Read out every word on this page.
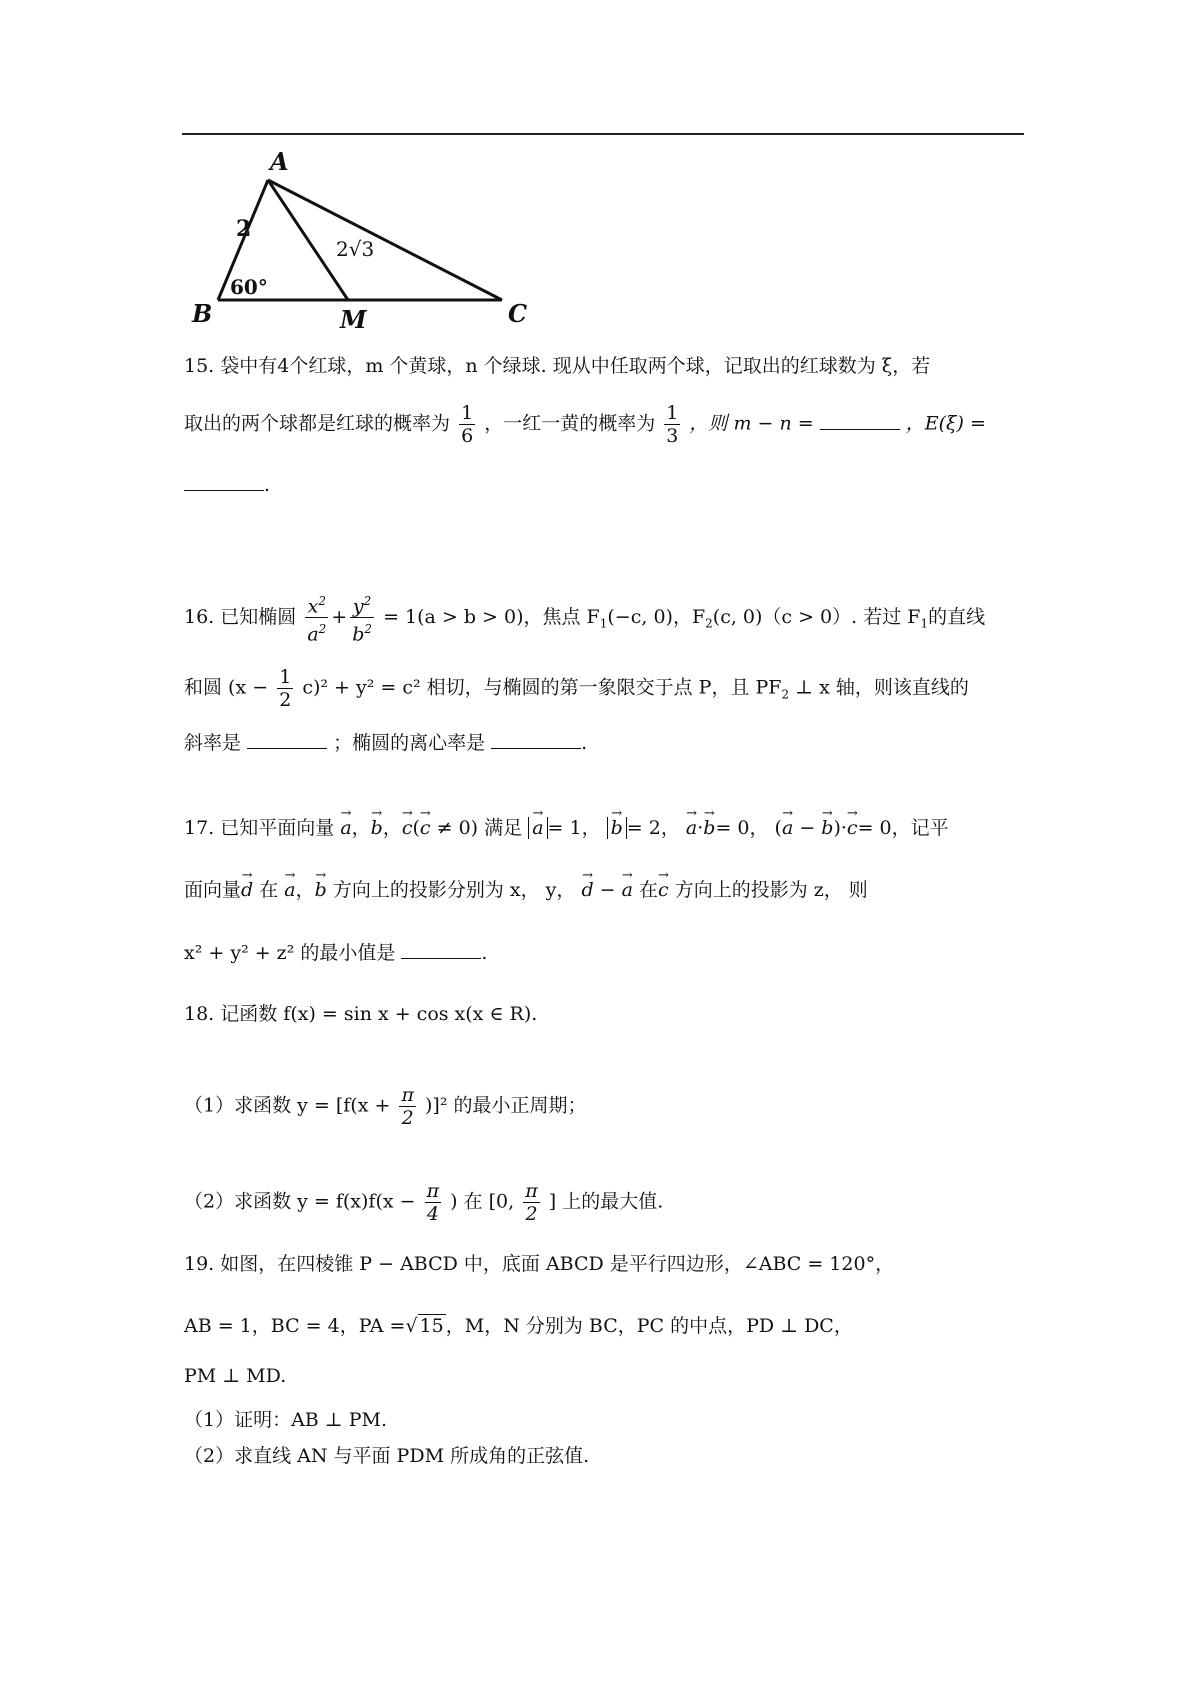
A
B	C
M
2
2√3
60°
15. 袋中有4个红球，m 个黄球，n 个绿球. 现从中任取两个球，记取出的红球数为 ξ，若
取出的两个球都是红球的概率为 $\frac{1}{6}$ ，一红一黄的概率为 $\frac{1}{3}$ ，则 m − n =	，E(ξ) =
.
16. 已知椭圆 $\frac{x^2}{a^2} + \frac{y^2}{b^2} = 1(a > b > 0)$，焦点 $F_1(-c$, 0)，$F_2(c$, 0)（c > 0）. 若过 $F_1$的直线
和圆 $(x - \frac{1}{2} c)^2 + y^2 = c^2$ 相切，与椭圆的第一象限交于点 P，且 $PF_2$ ⊥ x 轴，则该直线的
斜率是	；椭圆的离心率是	.
17. 已知平面向量 → a，→ b，→ c(→ c ≠ 0) 满足 → a = 1， → b = 2， → a·→ b= 0， (→ a − → b)·→ c= 0，记平
面向量→ d 在 → a，→ b 方向上的投影分别为 x， y， → d − → a 在→ c 方向上的投影为 z， 则
x² + y² + z² 的最小值是	.
18. 记函数 f(x) = sin x + cos x(x ∈ R).
（1）求函数 $y = [f(x + \frac{\pi}{2} )]^2$ 的最小正周期；
（2）求函数 $y = f(x)f(x - \frac{\pi}{4}$ ) 在 [0, $\frac{\pi}{2}$ ] 上的最大值.
19. 如图，在四棱锥 P − ABCD 中，底面 ABCD 是平行四边形，∠ABC = 120°，
AB = 1，BC = 4，PA =√ 15 ，M，N 分别为 BC，PC 的中点，PD ⊥ DC，
PM ⊥ MD.
（1）证明：AB ⊥ PM.
（2）求直线 AN 与平面 PDM 所成角的正弦值.
